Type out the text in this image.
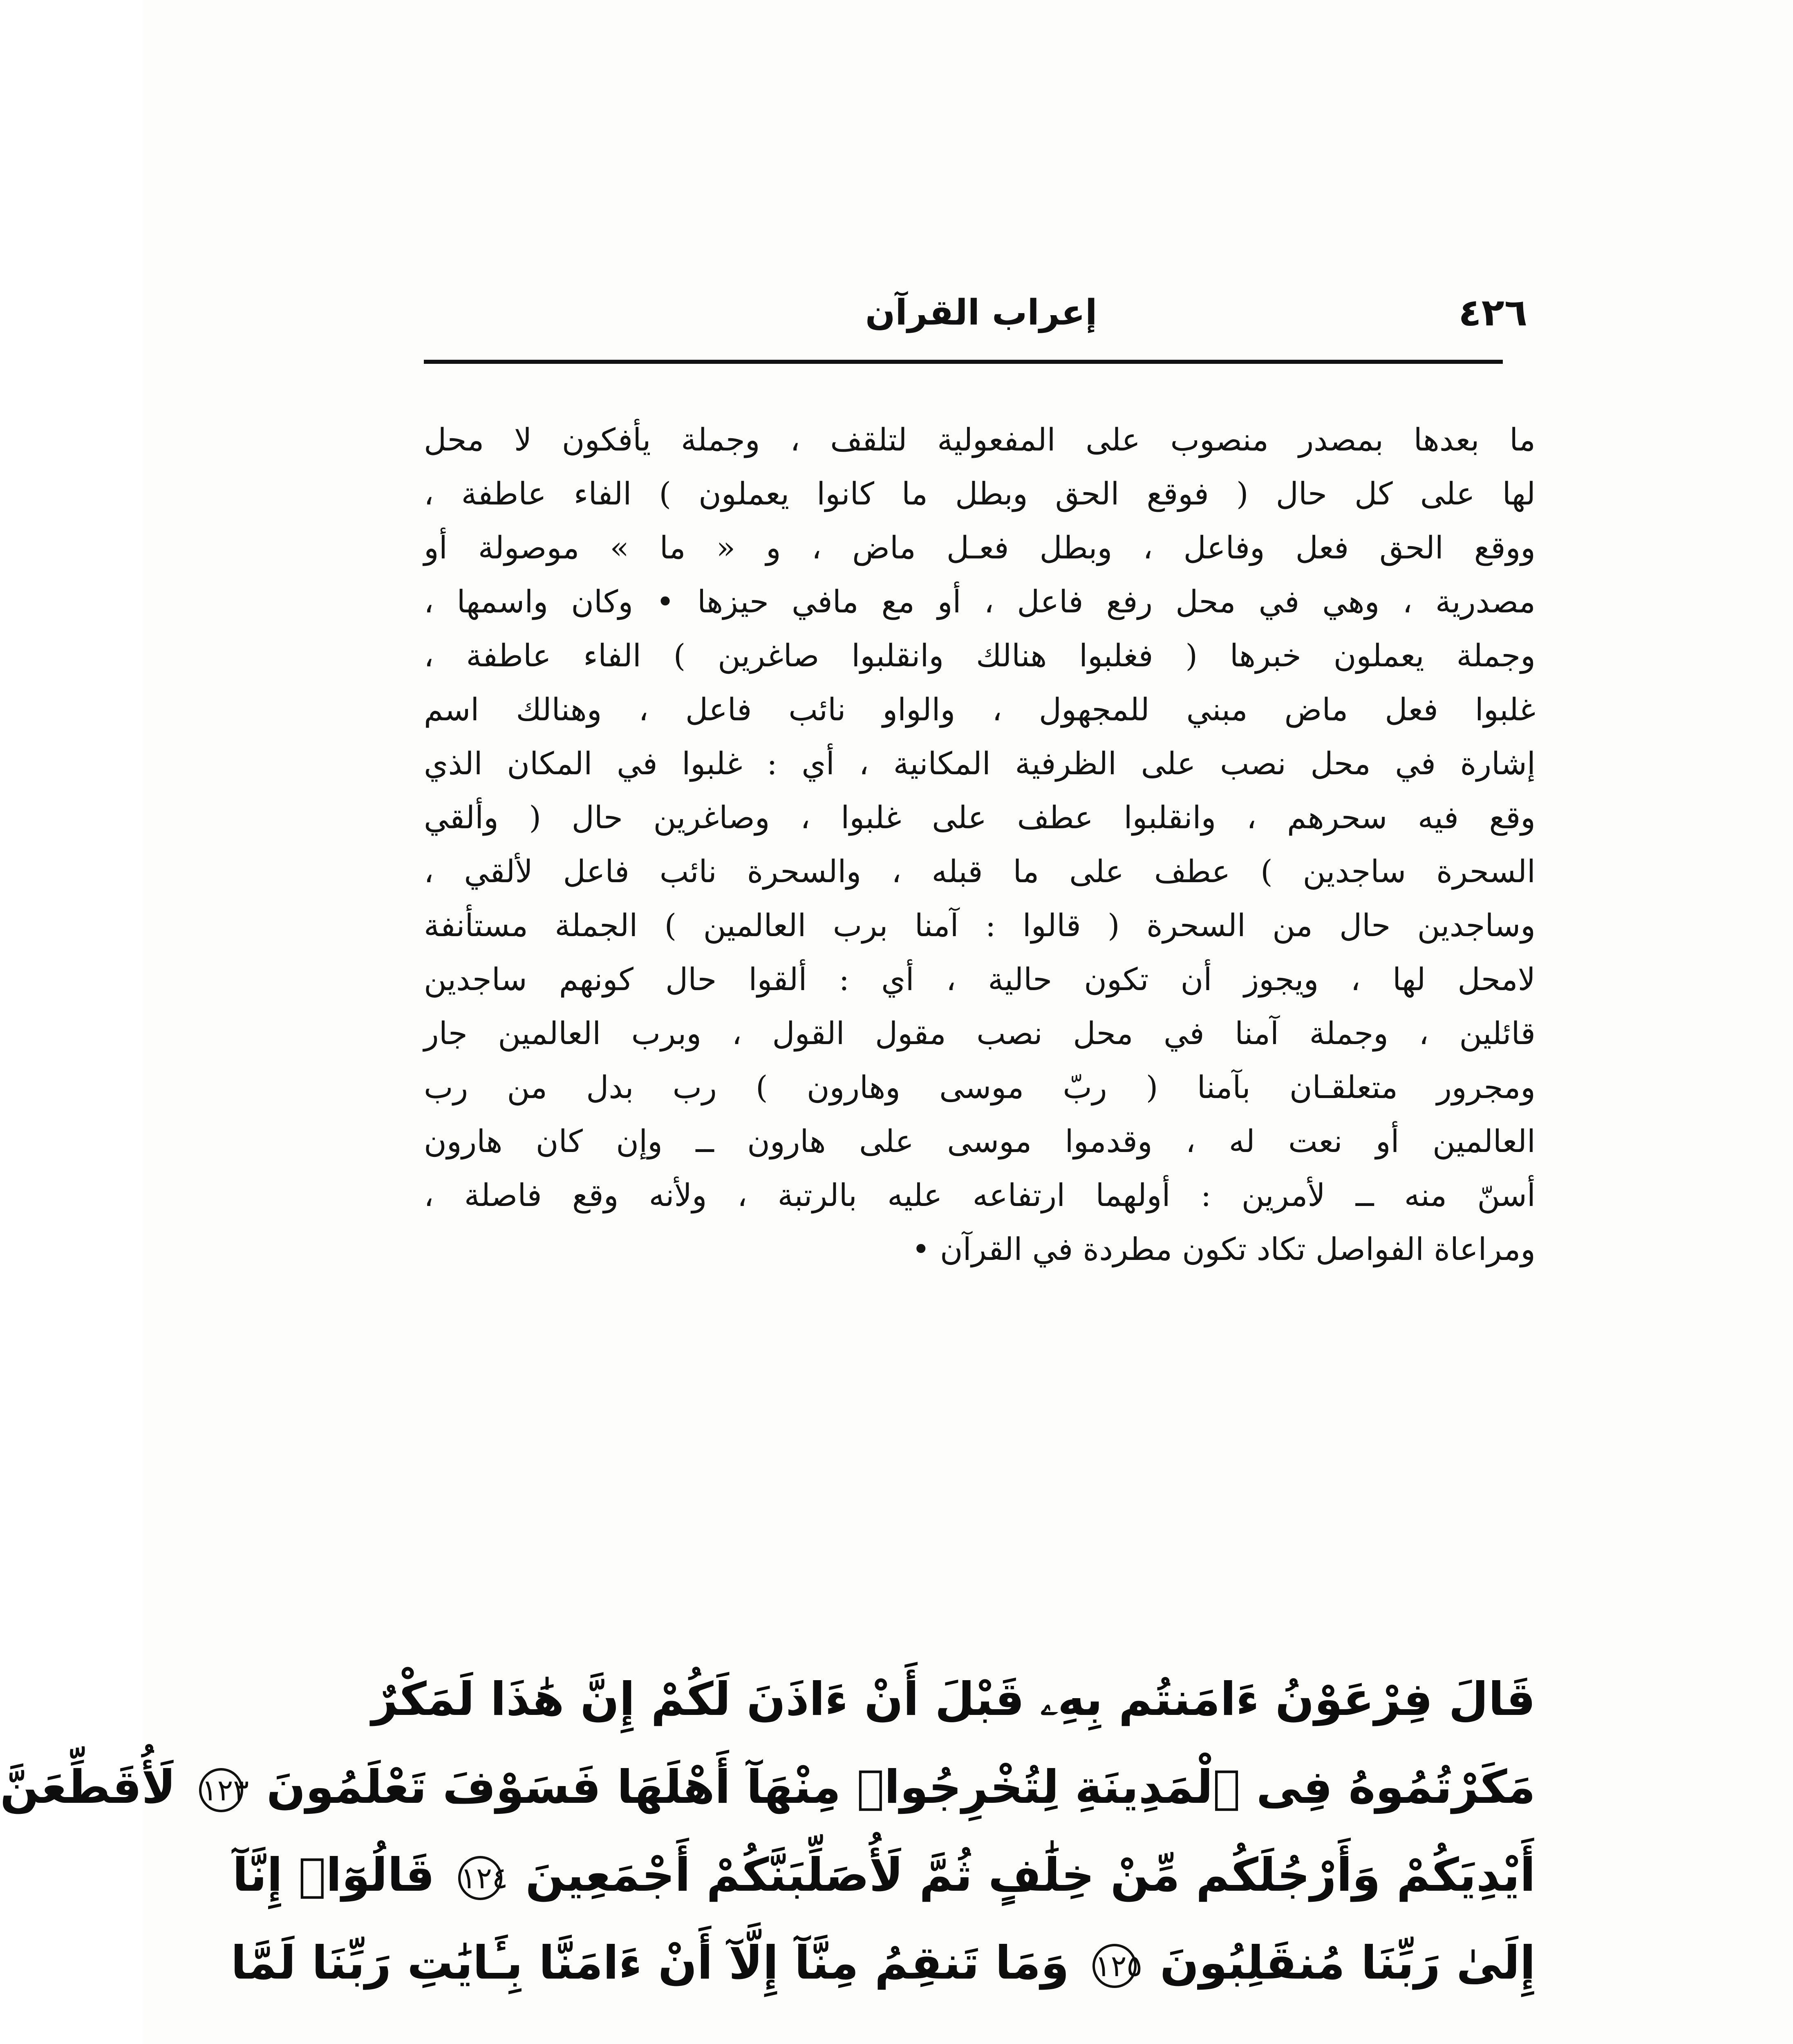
٤٢٦
إعراب القرآن
ما بعدها بمصدر منصوب على المفعولية لتلقف ، وجملة يأفكون لا محل
لها على كل حال ( فوقع الحق وبطل ما كانوا يعملون ) الفاء عاطفة ،
ووقع الحق فعل وفاعل ، وبطل فعـل ماض ، و « ما » موصولة أو
مصدرية ، وهي في محل رفع فاعل ، أو مع مافي حيزها • وكان واسمها ،
وجملة يعملون خبرها ( فغلبوا هنالك وانقلبوا صاغرين ) الفاء عاطفة ،
غلبوا فعل ماض مبني للمجهول ، والواو نائب فاعل ، وهنالك اسم
إشارة في محل نصب على الظرفية المكانية ، أي : غلبوا في المكان الذي
وقع فيه سحرهم ، وانقلبوا عطف على غلبوا ، وصاغرين حال ( وألقي
السحرة ساجدين ) عطف على ما قبله ، والسحرة نائب فاعل لألقي ،
وساجدين حال من السحرة ( قالوا : آمنا برب العالمين ) الجملة مستأنفة
لامحل لها ، ويجوز أن تكون حالية ، أي : ألقوا حال كونهم ساجدين
قائلين ، وجملة آمنا في محل نصب مقول القول ، وبرب العالمين جار
ومجرور متعلقـان بآمنا ( ربّ موسى وهارون ) رب بدل من رب
العالمين أو نعت له ، وقدموا موسى على هارون ــ وإن كان هارون
أسنّ منه ــ لأمرين : أولهما ارتفاعه عليه بالرتبة ، ولأنه وقع فاصلة ،
ومراعاة الفواصل تكاد تكون مطردة في القرآن •
قَالَ فِرْعَوْنُ ءَامَنتُم بِهِۦ قَبْلَ أَنْ ءَاذَنَ لَكُمْ إِنَّ هَٰذَا لَمَكْرٌ
مَكَرْتُمُوهُ فِى ٱلْمَدِينَةِ لِتُخْرِجُوا۟ مِنْهَآ أَهْلَهَا فَسَوْفَ تَعْلَمُونَ ١٢٣ لَأُقَطِّعَنَّ
أَيْدِيَكُمْ وَأَرْجُلَكُم مِّنْ خِلَٰفٍ ثُمَّ لَأُصَلِّبَنَّكُمْ أَجْمَعِينَ ١٢٤ قَالُوٓا۟ إِنَّآ
إِلَىٰ رَبِّنَا مُنقَلِبُونَ ١٢٥ وَمَا تَنقِمُ مِنَّآ إِلَّآ أَنْ ءَامَنَّا بِـَٔايَٰتِ رَبِّنَا لَمَّا
